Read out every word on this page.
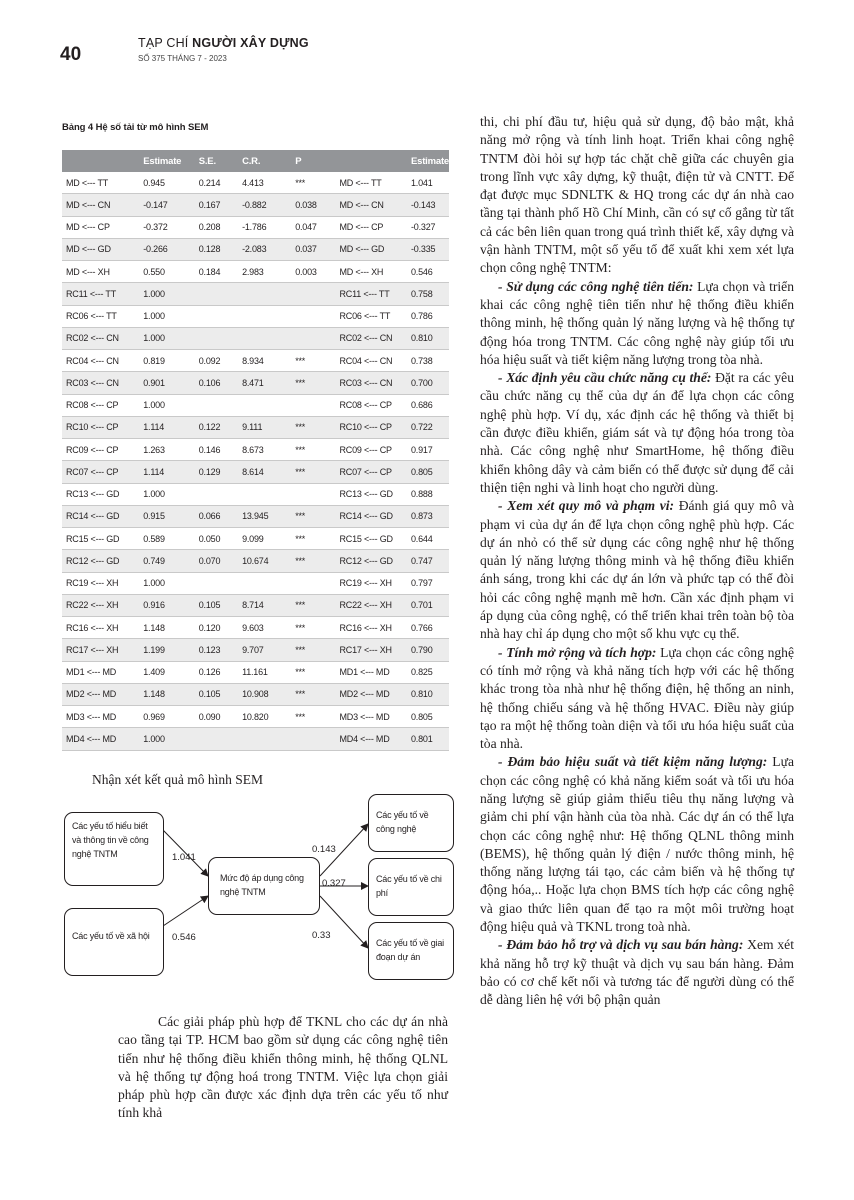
40
TẠP CHÍ NGƯỜI XÂY DỰNG
SỐ 375 THÁNG 7 - 2023
Bảng 4 Hệ số tải từ mô hình SEM
	Estimate	S.E.	C.R.	P		Estimate
MD <--- TT	0.945	0.214	4.413	***	MD <--- TT	1.041
MD <--- CN	-0.147	0.167	-0.882	0.038	MD <--- CN	-0.143
MD <--- CP	-0.372	0.208	-1.786	0.047	MD <--- CP	-0.327
MD <--- GD	-0.266	0.128	-2.083	0.037	MD <--- GD	-0.335
MD <--- XH	0.550	0.184	2.983	0.003	MD <--- XH	0.546
RC11 <--- TT	1.000				RC11 <--- TT	0.758
RC06 <--- TT	1.000				RC06 <--- TT	0.786
RC02 <--- CN	1.000				RC02 <--- CN	0.810
RC04 <--- CN	0.819	0.092	8.934	***	RC04 <--- CN	0.738
RC03 <--- CN	0.901	0.106	8.471	***	RC03 <--- CN	0.700
RC08 <--- CP	1.000				RC08 <--- CP	0.686
RC10 <--- CP	1.114	0.122	9.111	***	RC10 <--- CP	0.722
RC09 <--- CP	1.263	0.146	8.673	***	RC09 <--- CP	0.917
RC07 <--- CP	1.114	0.129	8.614	***	RC07 <--- CP	0.805
RC13 <--- GD	1.000				RC13 <--- GD	0.888
RC14 <--- GD	0.915	0.066	13.945	***	RC14 <--- GD	0.873
RC15 <--- GD	0.589	0.050	9.099	***	RC15 <--- GD	0.644
RC12 <--- GD	0.749	0.070	10.674	***	RC12 <--- GD	0.747
RC19 <--- XH	1.000				RC19 <--- XH	0.797
RC22 <--- XH	0.916	0.105	8.714	***	RC22 <--- XH	0.701
RC16 <--- XH	1.148	0.120	9.603	***	RC16 <--- XH	0.766
RC17 <--- XH	1.199	0.123	9.707	***	RC17 <--- XH	0.790
MD1 <--- MD	1.409	0.126	11.161	***	MD1 <--- MD	0.825
MD2 <--- MD	1.148	0.105	10.908	***	MD2 <--- MD	0.810
MD3 <--- MD	0.969	0.090	10.820	***	MD3 <--- MD	0.805
MD4 <--- MD	1.000				MD4 <--- MD	0.801
Nhận xét kết quả mô hình SEM
Các yếu tố hiểu biết và thông tin về công nghệ TNTM
Các yếu tố về xã hội
Mức độ áp dụng công nghệ TNTM
Các yếu tố về công nghệ
Các yếu tố về chi phí
Các yếu tố về giai đoạn dự án
1.041
0.546
0.143
0.327
0.33

Các giải pháp phù hợp để TKNL cho các dự án nhà cao tầng tại TP. HCM bao gồm sử dụng các công nghệ tiên tiến như hệ thống điều khiển thông minh, hệ thống QLNL và hệ thống tự động hoá trong TNTM. Việc lựa chọn giải pháp phù hợp cần được xác định dựa trên các yếu tố như tính khả

thi, chi phí đầu tư, hiệu quả sử dụng, độ bảo mật, khả năng mở rộng và tính linh hoạt. Triển khai công nghệ TNTM đòi hỏi sự hợp tác chặt chẽ giữa các chuyên gia trong lĩnh vực xây dựng, kỹ thuật, điện tử và CNTT. Để đạt được mục SDNLTK & HQ trong các dự án nhà cao tầng tại thành phố Hồ Chí Minh, cần có sự cố gắng từ tất cả các bên liên quan trong quá trình thiết kế, xây dựng và vận hành TNTM, một số yếu tố để xuất khi xem xét lựa chọn công nghệ TNTM:

- Sử dụng các công nghệ tiên tiến: Lựa chọn và triển khai các công nghệ tiên tiến như hệ thống điều khiển thông minh, hệ thống quản lý năng lượng và hệ thống tự động hóa trong TNTM. Các công nghệ này giúp tối ưu hóa hiệu suất và tiết kiệm năng lượng trong tòa nhà.

- Xác định yêu cầu chức năng cụ thể: Đặt ra các yêu cầu chức năng cụ thể của dự án để lựa chọn các công nghệ phù hợp. Ví dụ, xác định các hệ thống và thiết bị cần được điều khiển, giám sát và tự động hóa trong tòa nhà. Các công nghệ như SmartHome, hệ thống điều khiển không dây và cảm biến có thể được sử dụng để cải thiện tiện nghi và linh hoạt cho người dùng.

- Xem xét quy mô và phạm vi: Đánh giá quy mô và phạm vi của dự án để lựa chọn công nghệ phù hợp. Các dự án nhỏ có thể sử dụng các công nghệ như hệ thống quản lý năng lượng thông minh và hệ thống điều khiển ánh sáng, trong khi các dự án lớn và phức tạp có thể đòi hỏi các công nghệ mạnh mẽ hơn. Cần xác định phạm vi áp dụng của công nghệ, có thể triển khai trên toàn bộ tòa nhà hay chỉ áp dụng cho một số khu vực cụ thể.

- Tính mở rộng và tích hợp: Lựa chọn các công nghệ có tính mở rộng và khả năng tích hợp với các hệ thống khác trong tòa nhà như hệ thống điện, hệ thống an ninh, hệ thống chiếu sáng và hệ thống HVAC. Điều này giúp tạo ra một hệ thống toàn diện và tối ưu hóa hiệu suất của tòa nhà.

- Đảm bảo hiệu suất và tiết kiệm năng lượng: Lựa chọn các công nghệ có khả năng kiểm soát và tối ưu hóa năng lượng sẽ giúp giảm thiểu tiêu thụ năng lượng và giảm chi phí vận hành của tòa nhà. Các dự án có thể lựa chọn các công nghệ như: Hệ thống QLNL thông minh (BEMS), hệ thống quản lý điện / nước thông minh, hệ thống năng lượng tái tạo, các cảm biến và hệ thống tự động hóa,.. Hoặc lựa chọn BMS tích hợp các công nghệ và giao thức liên quan để tạo ra một môi trường hoạt động hiệu quả và TKNL trong toà nhà.

- Đảm bảo hỗ trợ và dịch vụ sau bán hàng: Xem xét khả năng hỗ trợ kỹ thuật và dịch vụ sau bán hàng. Đảm bảo có cơ chế kết nối và tương tác để người dùng có thể dễ dàng liên hệ với bộ phận quản
